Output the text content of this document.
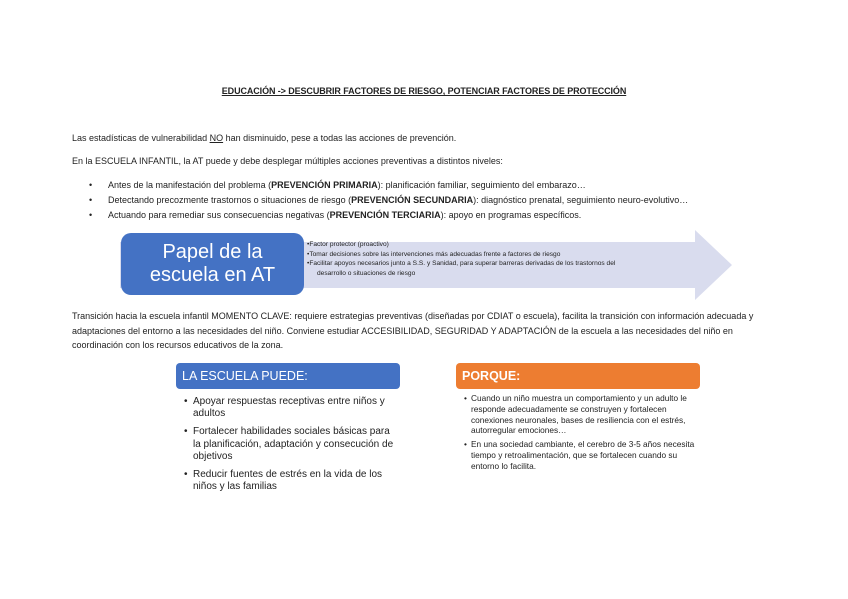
EDUCACIÓN -> DESCUBRIR FACTORES DE RIESGO, POTENCIAR FACTORES DE PROTECCIÓN
Las estadísticas de vulnerabilidad NO han disminuido, pese a todas las acciones de prevención.
En la ESCUELA INFANTIL, la AT puede y debe desplegar múltiples acciones preventivas a distintos niveles:
• Antes de la manifestación del problema (PREVENCIÓN PRIMARIA): planificación familiar, seguimiento del embarazo…
• Detectando precozmente trastornos o situaciones de riesgo (PREVENCIÓN SECUNDARIA): diagnóstico prenatal, seguimiento neuro-evolutivo…
• Actuando para remediar sus consecuencias negativas (PREVENCIÓN TERCIARIA): apoyo en programas específicos.
Papel de la
escuela en AT
•Factor protector (proactivo)
•Tomar decisiones sobre las intervenciones más adecuadas frente a factores de riesgo
•Facilitar apoyos necesarios junto a S.S. y Sanidad, para superar barreras derivadas de los trastornos del
desarrollo o situaciones de riesgo
Transición hacia la escuela infantil MOMENTO CLAVE: requiere estrategias preventivas (diseñadas por CDIAT o escuela), facilita la transición con información adecuada y adaptaciones del entorno a las necesidades del niño. Conviene estudiar ACCESIBILIDAD, SEGURIDAD Y ADAPTACIÓN de la escuela a las necesidades del niño en coordinación con los recursos educativos de la zona.
LA ESCUELA PUEDE:
• Apoyar respuestas receptivas entre niños y adultos
• Fortalecer habilidades sociales básicas para la planificación, adaptación y consecución de objetivos
• Reducir fuentes de estrés en la vida de los niños y las familias
PORQUE:
• Cuando un niño muestra un comportamiento y un adulto le responde adecuadamente se construyen y fortalecen conexiones neuronales, bases de resiliencia con el estrés, autorregular emociones…
• En una sociedad cambiante, el cerebro de 3-5 años necesita tiempo y retroalimentación, que se fortalecen cuando su entorno lo facilita.
